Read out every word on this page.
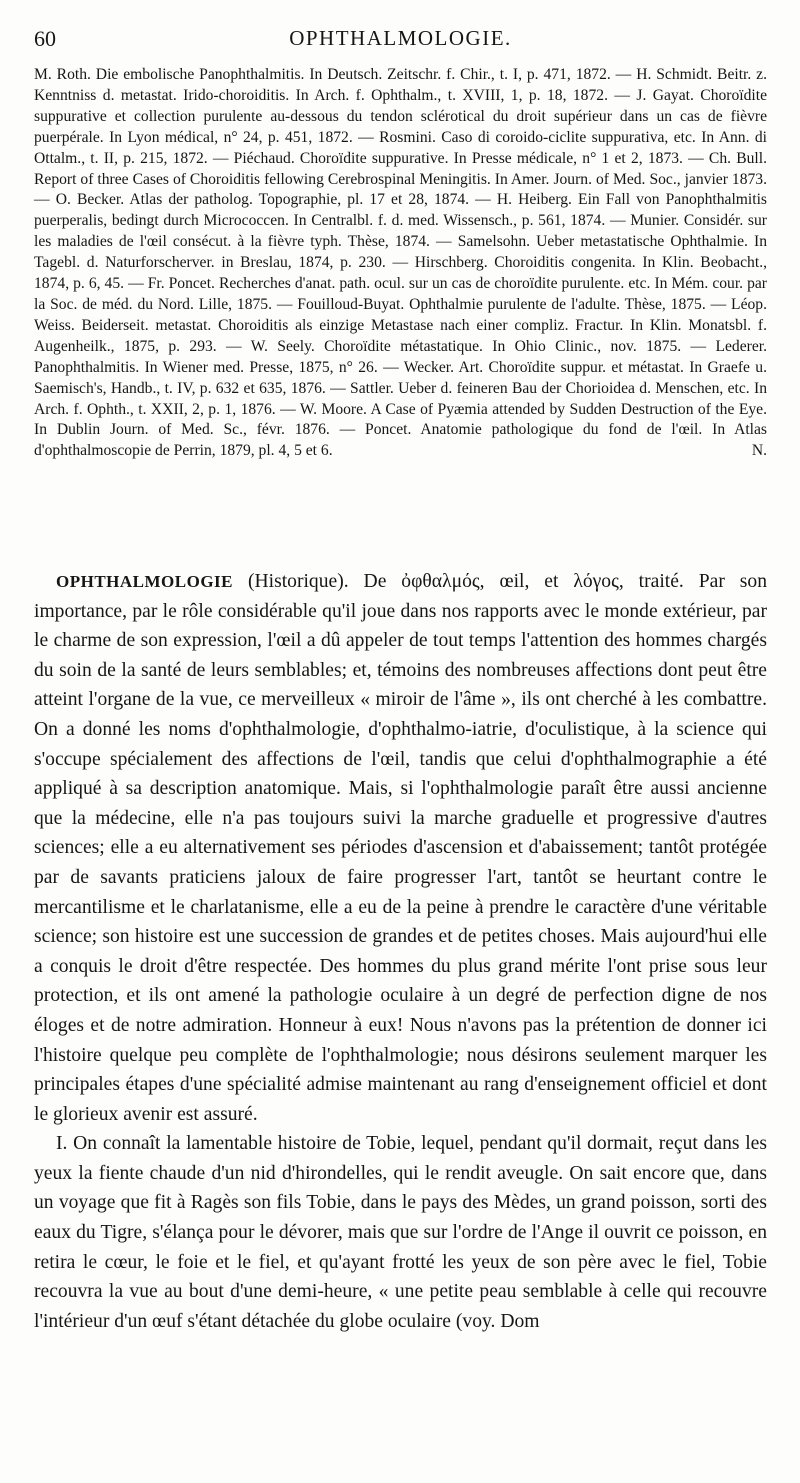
60	OPHTHALMOLOGIE.
M. Roth. Die embolische Panophthalmitis. In Deutsch. Zeitschr. f. Chir., t. I, p. 471, 1872. — H. Schmidt. Beitr. z. Kenntniss d. metastat. Irido-choroiditis. In Arch. f. Ophthalm., t. XVIII, 1, p. 18, 1872. — J. Gayat. Choroïdite suppurative et collection purulente au-dessous du tendon sclérotical du droit supérieur dans un cas de fièvre puerpérale. In Lyon médical, n° 24, p. 451, 1872. — Rosmini. Caso di coroido-ciclite suppurativa, etc. In Ann. di Ottalm., t. II, p. 215, 1872. — Piéchaud. Choroïdite suppurative. In Presse médicale, n° 1 et 2, 1873. — Ch. Bull. Report of three Cases of Choroiditis fellowing Cerebrospinal Meningitis. In Amer. Journ. of Med. Soc., janvier 1873. — O. Becker. Atlas der patholog. Topographie, pl. 17 et 28, 1874. — H. Heiberg. Ein Fall von Panophthalmitis puerperalis, bedingt durch Micrococcen. In Centralbl. f. d. med. Wissensch., p. 561, 1874. — Munier. Considér. sur les maladies de l'œil consécut. à la fièvre typh. Thèse, 1874. — Samelsohn. Ueber metastatische Ophthalmie. In Tagebl. d. Naturforscherver. in Breslau, 1874, p. 230. — Hirschberg. Choroiditis congenita. In Klin. Beobacht., 1874, p. 6, 45. — Fr. Poncet. Recherches d'anat. path. ocul. sur un cas de choroïdite purulente. etc. In Mém. cour. par la Soc. de méd. du Nord. Lille, 1875. — Fouilloud-Buyat. Ophthalmie purulente de l'adulte. Thèse, 1875. — Léop. Weiss. Beiderseit. metastat. Choroiditis als einzige Metastase nach einer compliz. Fractur. In Klin. Monatsbl. f. Augenheilk., 1875, p. 293. — W. Seely. Choroïdite métastatique. In Ohio Clinic., nov. 1875. — Lederer. Panophthalmitis. In Wiener med. Presse, 1875, n° 26. — Wecker. Art. Choroïdite suppur. et métastat. In Graefe u. Saemisch's, Handb., t. IV, p. 632 et 635, 1876. — Sattler. Ueber d. feineren Bau der Chorioidea d. Menschen, etc. In Arch. f. Ophth., t. XXII, 2, p. 1, 1876. — W. Moore. A Case of Pyæmia attended by Sudden Destruction of the Eye. In Dublin Journ. of Med. Sc., févr. 1876. — Poncet. Anatomie pathologique du fond de l'œil. In Atlas d'ophthalmoscopie de Perrin, 1879, pl. 4, 5 et 6.	N.

OPHTHALMOLOGIE (Historique). De ὀφθαλμός, œil, et λόγος, traité. Par son importance, par le rôle considérable qu'il joue dans nos rapports avec le monde extérieur, par le charme de son expression, l'œil a dû appeler de tout temps l'attention des hommes chargés du soin de la santé de leurs semblables; et, témoins des nombreuses affections dont peut être atteint l'organe de la vue, ce merveilleux « miroir de l'âme », ils ont cherché à les combattre. On a donné les noms d'ophthalmologie, d'ophthalmo-iatrie, d'oculistique, à la science qui s'occupe spécialement des affections de l'œil, tandis que celui d'ophthalmographie a été appliqué à sa description anatomique. Mais, si l'ophthalmologie paraît être aussi ancienne que la médecine, elle n'a pas toujours suivi la marche graduelle et progressive d'autres sciences; elle a eu alternativement ses périodes d'ascension et d'abaissement; tantôt protégée par de savants praticiens jaloux de faire progresser l'art, tantôt se heurtant contre le mercantilisme et le charlatanisme, elle a eu de la peine à prendre le caractère d'une véritable science; son histoire est une succession de grandes et de petites choses. Mais aujourd'hui elle a conquis le droit d'être respectée. Des hommes du plus grand mérite l'ont prise sous leur protection, et ils ont amené la pathologie oculaire à un degré de perfection digne de nos éloges et de notre admiration. Honneur à eux! Nous n'avons pas la prétention de donner ici l'histoire quelque peu complète de l'ophthalmologie; nous désirons seulement marquer les principales étapes d'une spécialité admise maintenant au rang d'enseignement officiel et dont le glorieux avenir est assuré.

I. On connaît la lamentable histoire de Tobie, lequel, pendant qu'il dormait, reçut dans les yeux la fiente chaude d'un nid d'hirondelles, qui le rendit aveugle. On sait encore que, dans un voyage que fit à Ragès son fils Tobie, dans le pays des Mèdes, un grand poisson, sorti des eaux du Tigre, s'élança pour le dévorer, mais que sur l'ordre de l'Ange il ouvrit ce poisson, en retira le cœur, le foie et le fiel, et qu'ayant frotté les yeux de son père avec le fiel, Tobie recouvra la vue au bout d'une demi-heure, « une petite peau semblable à celle qui recouvre l'intérieur d'un œuf s'étant détachée du globe oculaire (voy. Dom
